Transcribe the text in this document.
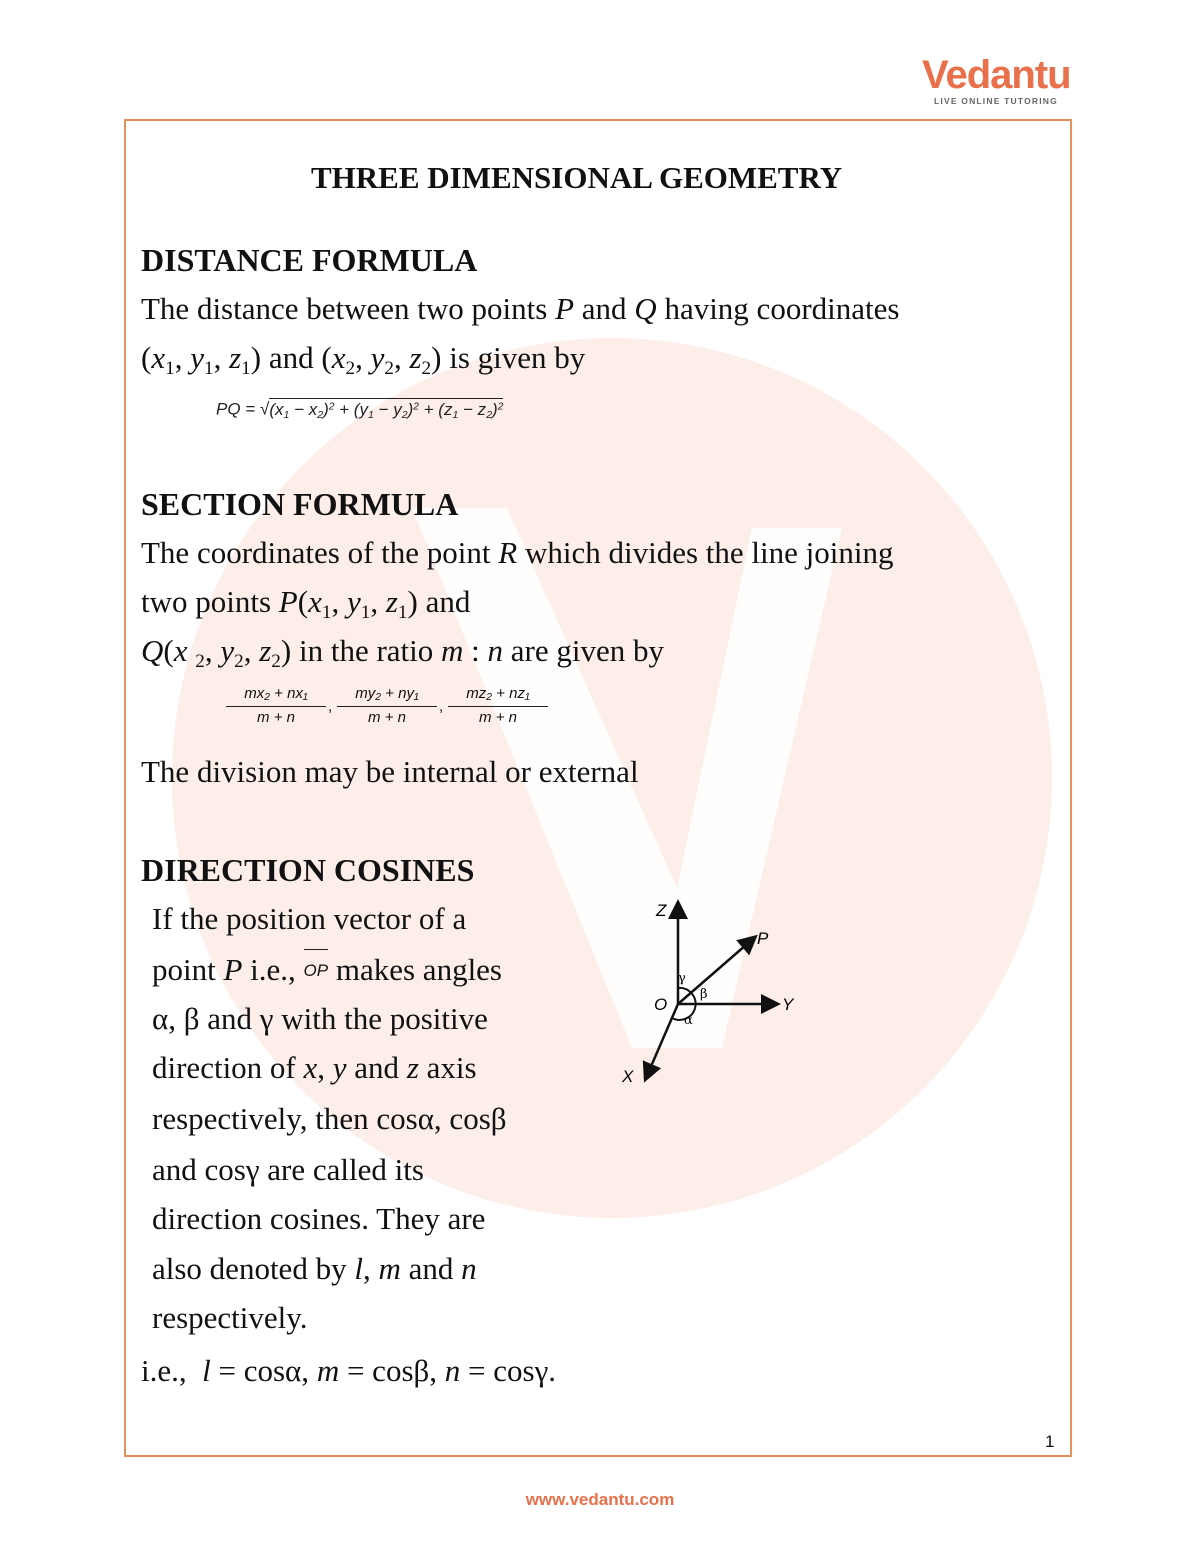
Vedantu
LIVE ONLINE TUTORING
THREE DIMENSIONAL GEOMETRY
DISTANCE FORMULA
The distance between two points P and Q having coordinates
($x_1$, $y_1$, $z_1$) and ($x_2$, $y_2$, $z_2$) is given by
PQ = $√(x_1 - x_2)^2 + (y_1 - y_2)^2 + (z_1 - z_2)^2$
SECTION FORMULA
The coordinates of the point R which divides the line joining
two points $P(x_1$, $y_1$, $z_1$) and
Q(x $_2$, $y_2$, $z_2$) in the ratio m : n are given by
$\frac{\text{mx₂ + nx₁}}{m + n}$ , $\frac{\text{my₂ + ny₁}}{m + n}$ , $\frac{\text{mz₂ + nz₁}}{m + n}$
The division may be internal or external
DIRECTION COSINES
If the position vector of a
point P i.e.,
OP makes angles
α, β and γ with the positive
direction of x, y and z axis
respectively, then cosα, cosβ
and cosγ are called its
direction cosines. They are
also denoted by l, m and n
respectively.
i.e.,  l = cosα, m = cosβ, n = cosγ.
Z
P
Y
O
X
γ
β
α
1
www.vedantu.com
